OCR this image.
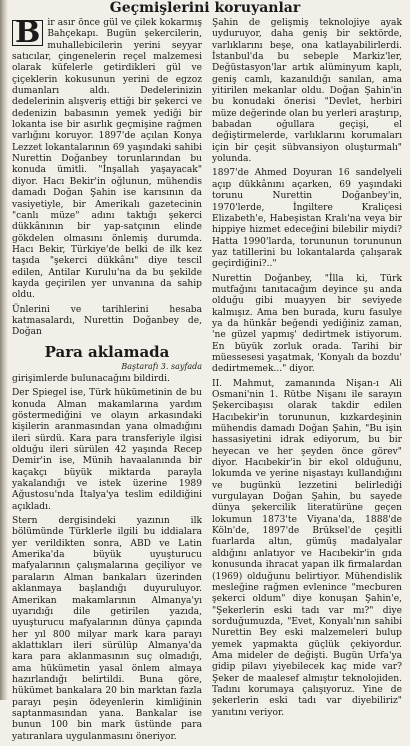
Geçmişlerini koruyanlar

B ir asır önce gül ve çilek kokarmış Bahçekapı. Bugün şekercilerin, muhallebicilerin yerini seyyar satıcılar, çingenelerin reçel malzemesi olarak küfelerle getirdikleri gül ve çiçeklerin kokusunun yerini de egzoz dumanları aldı. Dedelerinizin dedelerinin alışveriş ettiği bir şekerci ve dedenizin babasının yemek yediği bir lokanta ise bir asırlık geçmişine rağmen varlığını koruyor. 1897'de açılan Konya Lezzet lokantalarının 69 yaşındaki sahibi Nurettin Doğanbey torunlarından bu konuda ümitli. "İnşallah yaşayacak" diyor. Hacı Bekir'in oğlunun, mühendis damadı Doğan Şahin ise karısının da vasiyetiyle, bir Amerikalı gazetecinin "canlı müze" adını taktığı şekerci dükkânının bir yap-satçının elinde gökdelen olmasını önlemiş durumda. Hacı Bekir, Türkiye'de belki de ilk kez taşıda "şekerci dükkânı" diye tescil edilen, Antilar Kurulu'na da bu şekilde kayda geçirilen yer unvanına da sahip oldu.

Ünlerini ve tarihlerini hesaba katmasalardı, Nurettin Doğanbey de, Doğan

Para aklamada
Baştarafı 3. sayfada

girişimlerde bulunacağını bildirdi.

Der Spiegel ise, Türk hükümetinin de bu konuda Alman makamlarına yardım göstermediğini ve olayın arkasındaki kişilerin aranmasından yana olmadığını ileri sürdü. Kara para transferiyle ilgisi olduğu ileri sürülen 42 yaşında Recep Demir'in ise, Münih havaalanında bir kaçakçı büyük miktarda parayla yakalandığı ve istek üzerine 1989 Ağustosu'nda İtalya'ya teslim edildiğini açıkladı.

Stern dergisindeki yazının ilk bölümünde Türklerle ilgili bu iddialara yer verildikten sonra, ABD ve Latin Amerika'da büyük uyuşturucu mafyalarının çalışmalarına geçiliyor ve paraların Alman bankaları üzerinden aklanmaya başlandığı duyuruluyor. Amerikan makamlarının Almanya'yı uyarıdığı dile getirilen yazıda, uyuşturucu mafyalarının dünya çapında her yıl 800 milyar mark kara parayı aklattıkları ileri sürülüp Almanya'da kara para aklanmasının suç olmadığı, ama hükümetin yasal önlem almaya hazırlandığı belirtildi. Buna göre, hükümet bankalara 20 bin marktan fazla parayı peşin ödeyenlerin kimliğinin saptanmasından yana. Bankalar ise bunun 100 bin mark üstünde para yatıranlara uygulanmasını öneriyor.

Şahin de gelişmiş teknolojiye ayak uyduruyor, daha geniş bir sektörde, varlıklarını beşe, ona katlayabilirlerdi. İstanbul'da bu sebeple Markiz'ler, Değüstasyon'lar artık alüminyum kaplı, geniş camlı, kazanıldığı sanılan, ama yitirilen mekanlar oldu. Doğan Şahin'in bu konudaki önerisi "Devlet, herbiri müze değerinde olan bu yerleri araştırıp, babadan oğullara geçişi, el değiştirmelerde, varlıklarını korumaları için bir çeşit sübvansiyon oluşturmalı" yolunda.

1897'de Ahmed Doyuran 16 sandelyeli açıp dükkânını açarken, 69 yaşındaki torunu Nurettin Doğanbey'in, 1970'lerde, İngiltere Kraliçesi Elizabeth'e, Habeşistan Kralı'na veya bir hippiye hizmet edeceğini bilebilir miydi? Hatta 1990'larda, torununun torununun yaz tatillerini bu lokantalarda çalışarak geçirdiğini?.."

Nurettin Doğanbey, "İlla ki, Türk mutfağını tanıtacağım deyince şu anda olduğu gibi muayyen bir seviyede kalmışız. Ama ben burada, kuru fasulye ya da hünkâr beğendi yediğiniz zaman, 'ne güzel yapmış' dedirtmek istiyorum. En büyük zorluk orada. Tarihi bir müessesesi yaşatmak, 'Konyalı da bozdu' dedirtmemek..." diyor.

II. Mahmut, zamanında Nişan-ı Ali Osmani'nin 1. Rütbe Nişanı ile sarayın Şekercibaşısı olarak takdir edilen Hacıbekir'in torununun, kızkardeşinin mühendis damadı Doğan Şahin, "Bu işin hassasiyetini idrak ediyorum, bu bir heyecan ve her şeyden önce görev" diyor. Hacıbekir'in bir ekol olduğunu, lokumda ve yerine nişastayı kullandığını ve bugünkü lezzetini belirlediği vurgulayan Doğan Şahin, bu sayede dünya şekercilik literatürüne geçen lokumun 1873'te Viyana'da, 1888'de Köln'de, 1897'de Brüksel'de çeşitli fuarlarda altın, gümüş madalyalar aldığını anlatıyor ve Hacıbekir'in gıda konusunda ihracat yapan ilk firmalardan (1969) olduğunu belirtiyor. Mühendislik mesleğine rağmen evlenince "mecburen şekerci oldum" diye konuşan Şahin'e, "Şekerlerin eski tadı var mı?" diye sorduğumuzda, "Evet, Konyalı'nın sahibi Nurettin Bey eski malzemeleri bulup yemek yapmakta güçlük çekiyordur. Ama mideler de değişti. Bugün Urfa'ya gidip pilavı yiyebilecek kaç mide var? Şeker de maalesef almıştır teknolojiden. Tadını korumaya çalışıyoruz. Yine de şekerlerin eski tadı var diyebiliriz" yanıtını veriyor.
